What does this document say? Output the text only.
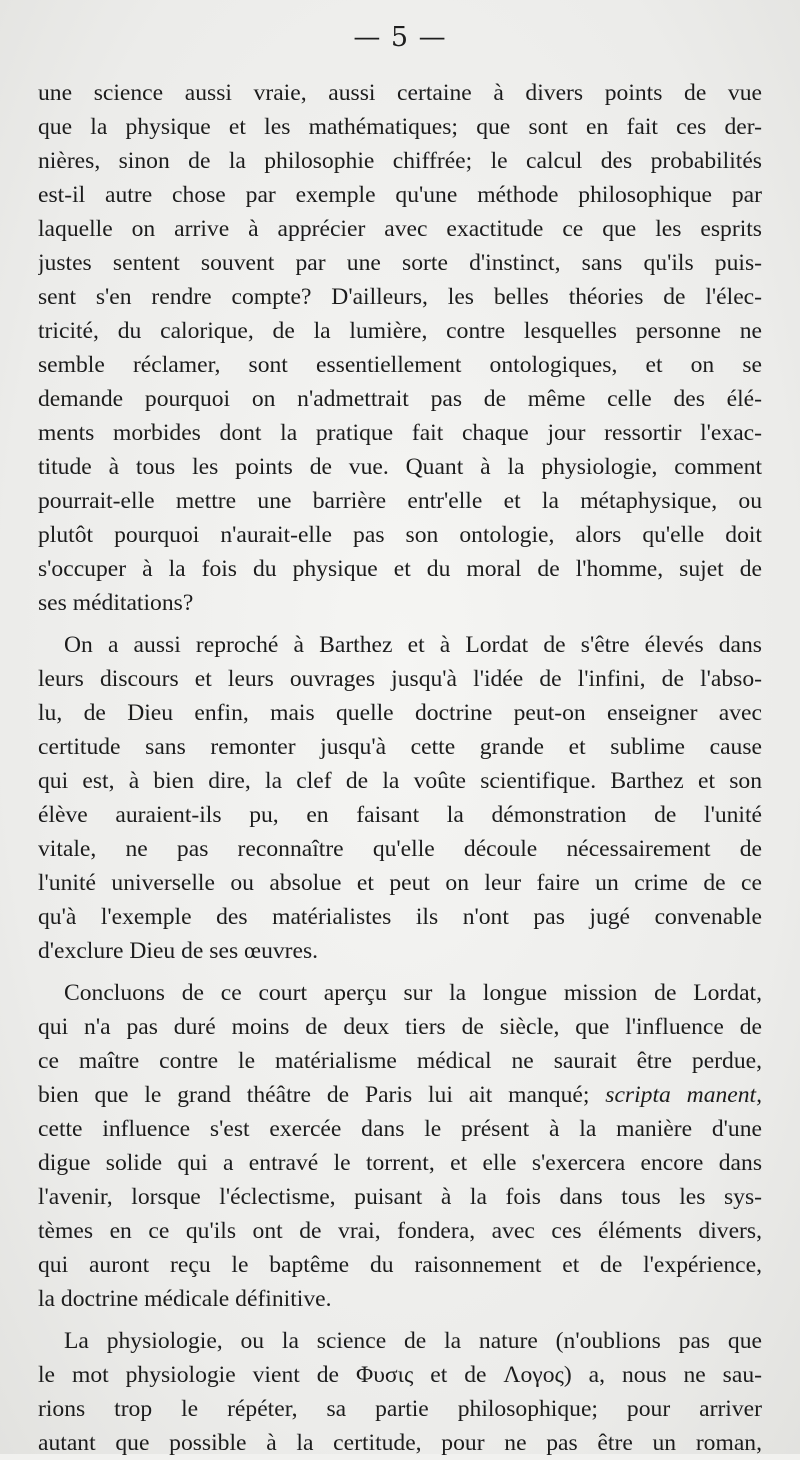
— 5 —
une science aussi vraie, aussi certaine à divers points de vue
que la physique et les mathématiques; que sont en fait ces der-
nières, sinon de la philosophie chiffrée; le calcul des probabilités
est-il autre chose par exemple qu'une méthode philosophique par
laquelle on arrive à apprécier avec exactitude ce que les esprits
justes sentent souvent par une sorte d'instinct, sans qu'ils puis-
sent s'en rendre compte? D'ailleurs, les belles théories de l'élec-
tricité, du calorique, de la lumière, contre lesquelles personne ne
semble réclamer, sont essentiellement ontologiques, et on se
demande pourquoi on n'admettrait pas de même celle des élé-
ments morbides dont la pratique fait chaque jour ressortir l'exac-
titude à tous les points de vue. Quant à la physiologie, comment
pourrait-elle mettre une barrière entr'elle et la métaphysique, ou
plutôt pourquoi n'aurait-elle pas son ontologie, alors qu'elle doit
s'occuper à la fois du physique et du moral de l'homme, sujet de
ses méditations?
On a aussi reproché à Barthez et à Lordat de s'être élevés dans
leurs discours et leurs ouvrages jusqu'à l'idée de l'infini, de l'abso-
lu, de Dieu enfin, mais quelle doctrine peut-on enseigner avec
certitude sans remonter jusqu'à cette grande et sublime cause
qui est, à bien dire, la clef de la voûte scientifique. Barthez et son
élève auraient-ils pu, en faisant la démonstration de l'unité
vitale, ne pas reconnaître qu'elle découle nécessairement de
l'unité universelle ou absolue et peut on leur faire un crime de ce
qu'à l'exemple des matérialistes ils n'ont pas jugé convenable
d'exclure Dieu de ses œuvres.
Concluons de ce court aperçu sur la longue mission de Lordat,
qui n'a pas duré moins de deux tiers de siècle, que l'influence de
ce maître contre le matérialisme médical ne saurait être perdue,
bien que le grand théâtre de Paris lui ait manqué; scripta manent,
cette influence s'est exercée dans le présent à la manière d'une
digue solide qui a entravé le torrent, et elle s'exercera encore dans
l'avenir, lorsque l'éclectisme, puisant à la fois dans tous les sys-
tèmes en ce qu'ils ont de vrai, fondera, avec ces éléments divers,
qui auront reçu le baptême du raisonnement et de l'expérience,
la doctrine médicale définitive.
La physiologie, ou la science de la nature (n'oublions pas que
le mot physiologie vient de Φυσις et de Λογος) a, nous ne sau-
rions trop le répéter, sa partie philosophique; pour arriver
autant que possible à la certitude, pour ne pas être un roman,
